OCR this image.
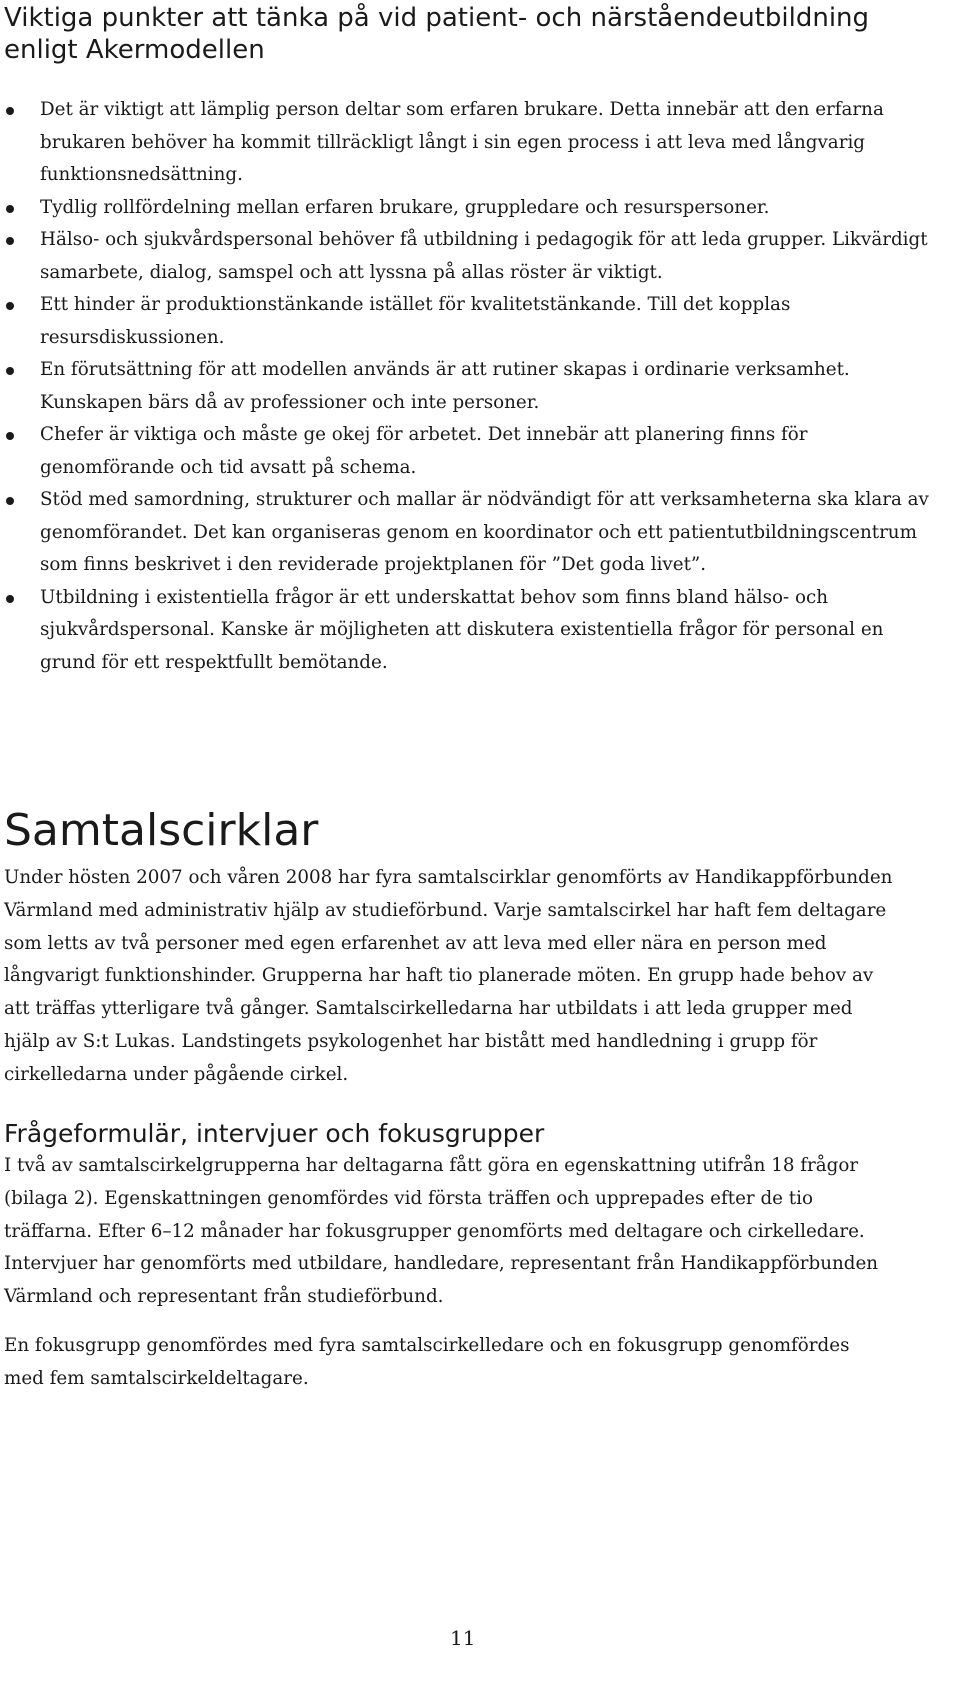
Viktiga punkter att tänka på vid patient- och närståendeutbildning enligt Akermodellen
Det är viktigt att lämplig person deltar som erfaren brukare. Detta innebär att den erfarna brukaren behöver ha kommit tillräckligt långt i sin egen process i att leva med långvarig funktionsnedsättning.
Tydlig rollfördelning mellan erfaren brukare, gruppledare och resurspersoner.
Hälso- och sjukvårdspersonal behöver få utbildning i pedagogik för att leda grupper. Likvärdigt samarbete, dialog, samspel och att lyssna på allas röster är viktigt.
Ett hinder är produktionstänkande istället för kvalitetstänkande. Till det kopplas resursdiskussionen.
En förutsättning för att modellen används är att rutiner skapas i ordinarie verksamhet. Kunskapen bärs då av professioner och inte personer.
Chefer är viktiga och måste ge okej för arbetet. Det innebär att planering finns för genomförande och tid avsatt på schema.
Stöd med samordning, strukturer och mallar är nödvändigt för att verksamheterna ska klara av genomförandet. Det kan organiseras genom en koordinator och ett patientutbildningscentrum som finns beskrivet i den reviderade projektplanen för ”Det goda livet”.
Utbildning i existentiella frågor är ett underskattat behov som finns bland hälso- och sjukvårdspersonal. Kanske är möjligheten att diskutera existentiella frågor för personal en grund för ett respektfullt bemötande.
Samtalscirklar

Under hösten 2007 och våren 2008 har fyra samtalscirklar genomförts av Handikappförbunden Värmland med administrativ hjälp av studieförbund. Varje samtalscirkel har haft fem deltagare som letts av två personer med egen erfarenhet av att leva med eller nära en person med långvarigt funktionshinder. Grupperna har haft tio planerade möten. En grupp hade behov av att träffas ytterligare två gånger. Samtalscirkelledarna har utbildats i att leda grupper med hjälp av S:t Lukas. Landstingets psykologenhet har bistått med handledning i grupp för cirkelledarna under pågående cirkel.

Frågeformulär, intervjuer och fokusgrupper

I två av samtalscirkelgrupperna har deltagarna fått göra en egenskattning utifrån 18 frågor (bilaga 2). Egenskattningen genomfördes vid första träffen och upprepades efter de tio träffarna. Efter 6–12 månader har fokusgrupper genomförts med deltagare och cirkelledare. Intervjuer har genomförts med utbildare, handledare, representant från Handikappförbunden Värmland och representant från studieförbund.

En fokusgrupp genomfördes med fyra samtalscirkelledare och en fokusgrupp genomfördes med fem samtalscirkeldeltagare.

11
